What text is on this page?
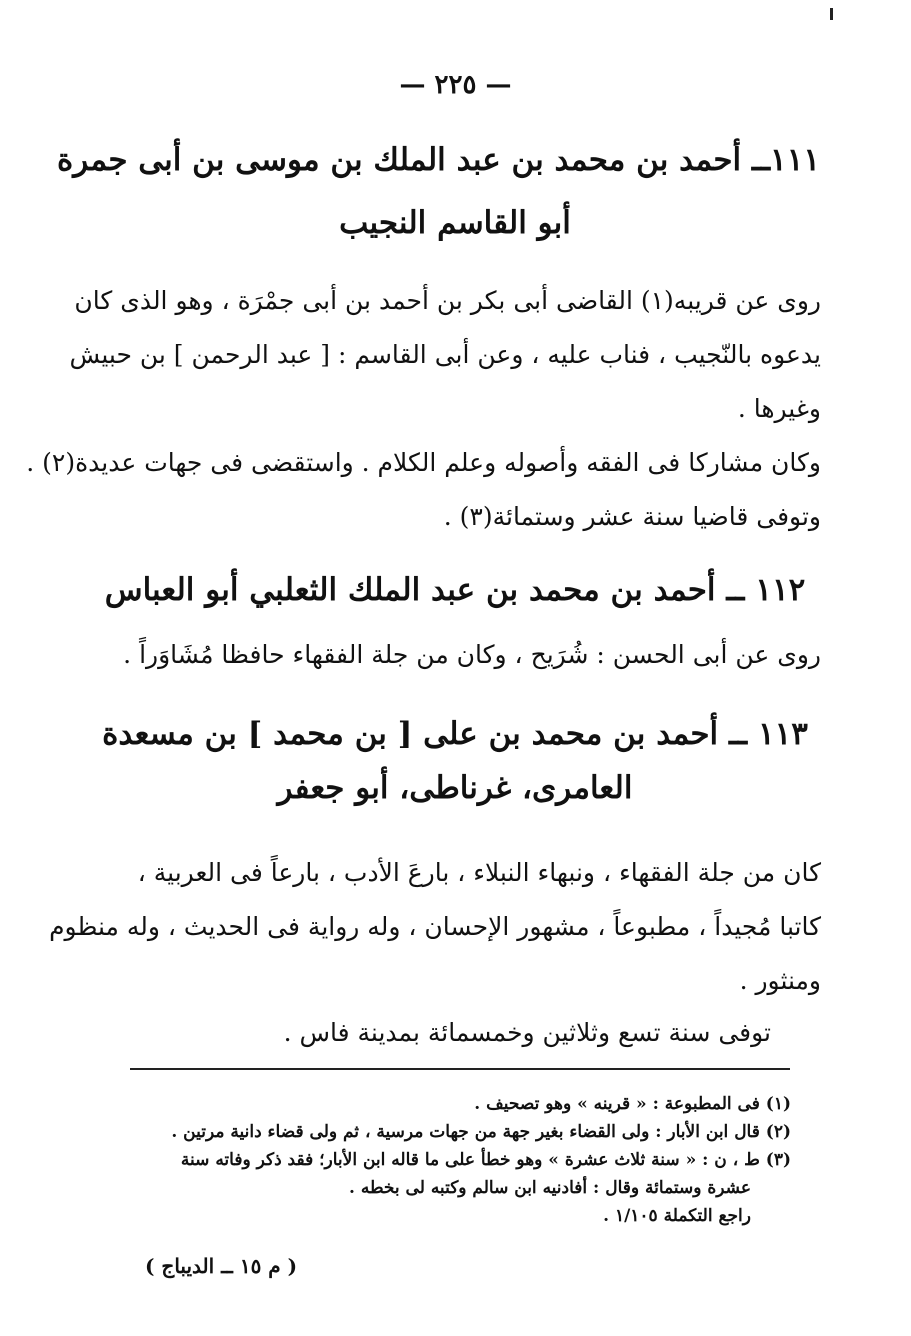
— ٢٢٥ —
١١١ــ أحمد بن محمد بن عبد الملك بن موسى بن أبى جمرة
أبو القاسم النجيب
روى عن قريبه(١) القاضى أبى بكر بن أحمد بن أبى جمْرَة ، وهو الذى كان
يدعوه بالنّجيب ، فناب عليه ، وعن أبى القاسم : [ عبد الرحمن ] بن حبيش
وغيرها .
وكان مشاركا فى الفقه وأصوله وعلم الكلام . واستقضى فى جهات عديدة(٢) .
وتوفى قاضيا سنة عشر وستمائة(٣) .
١١٢ ــ أحمد بن محمد بن عبد الملك الثعلبي أبو العباس
روى عن أبى الحسن : شُرَيح ، وكان من جلة الفقهاء حافظا مُشَاوَراً .
١١٣ ــ أحمد بن محمد بن على [ بن محمد ] بن مسعدة
العامرى، غرناطى، أبو جعفر
كان من جلة الفقهاء ، ونبهاء النبلاء ، بارعَ الأدب ، بارعاً فى العربية ،
كاتبا مُجيداً ، مطبوعاً ، مشهور الإحسان ، وله رواية فى الحديث ، وله منظوم
ومنثور .
توفى سنة تسع وثلاثين وخمسمائة بمدينة فاس .
(١) فى المطبوعة : « قرينه » وهو تصحيف .
(٢) قال ابن الأبار : ولى القضاء بغير جهة من جهات مرسية ، ثم ولى قضاء دانية مرتين .
(٣) ط ، ن : « سنة ثلاث عشرة » وهو خطأ على ما قاله ابن الأبار؛ فقد ذكر وفاته سنة
عشرة وستمائة وقال : أفادنيه ابن سالم وكتبه لى بخطه .
راجع التكملة ١/١٠٥ .
( م ١٥ ــ الديباج )
